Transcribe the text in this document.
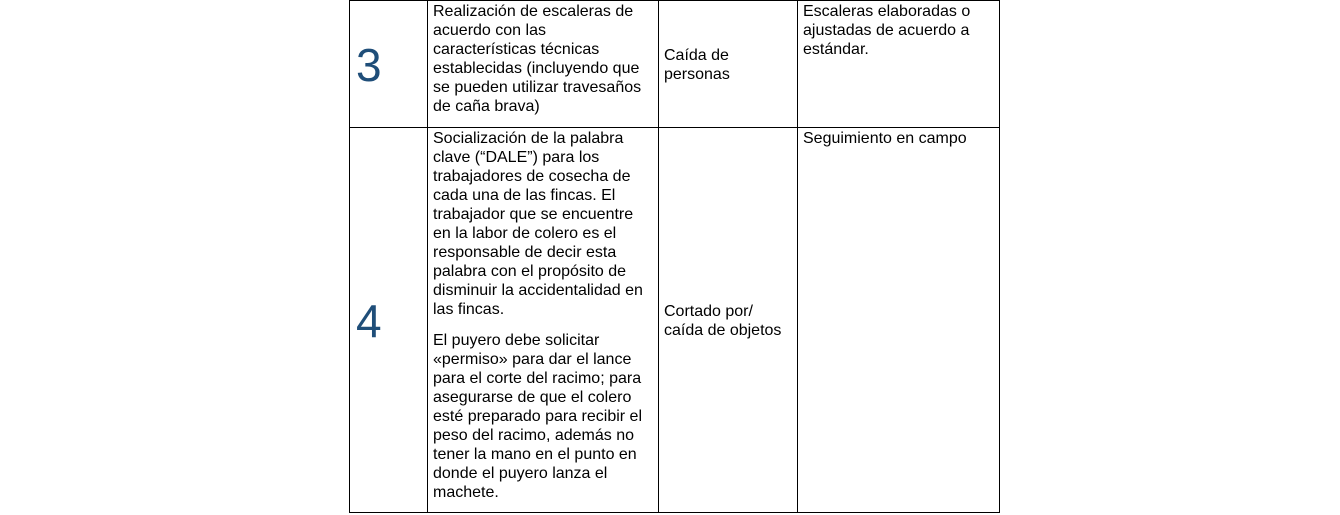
3	Realización de escaleras de acuerdo con las características técnicas establecidas (incluyendo que se pueden utilizar travesaños de caña brava)	Caída de personas	Escaleras elaboradas o ajustadas de acuerdo a estándar.

4	Socialización de la palabra clave (“DALE”) para los trabajadores de cosecha de cada una de las fincas. El trabajador que se encuentre en la labor de colero es el responsable de decir esta palabra con el propósito de disminuir la accidentalidad en las fincas.

El puyero debe solicitar «permiso» para dar el lance para el corte del racimo; para asegurarse de que el colero esté preparado para recibir el peso del racimo, además no tener la mano en el punto en donde el puyero lanza el machete.	Cortado por/ caída de objetos	Seguimiento en campo
